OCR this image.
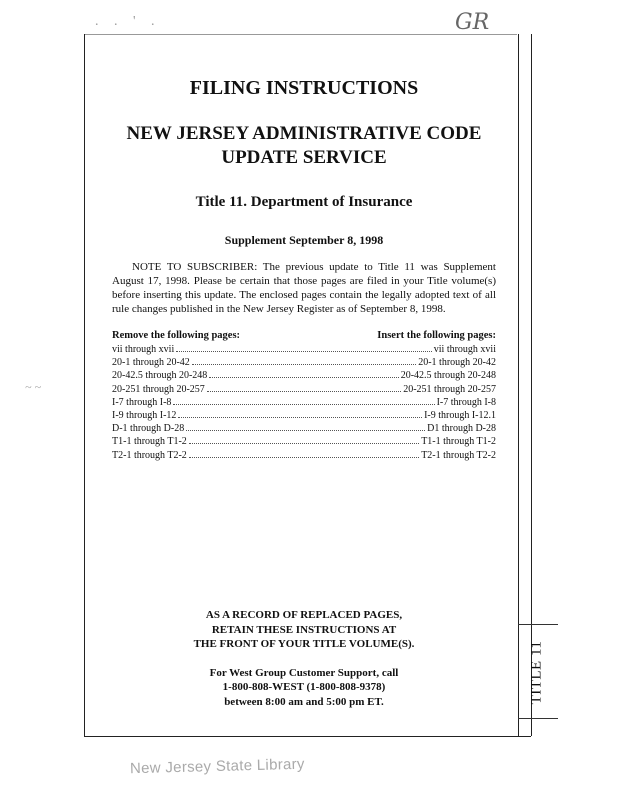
. . ' .	GR
~ ~

FILING INSTRUCTIONS

NEW JERSEY ADMINISTRATIVE CODE

UPDATE SERVICE

Title 11. Department of Insurance

Supplement September 8, 1998

NOTE TO SUBSCRIBER: The previous update to Title 11 was Supplement August 17, 1998. Please be certain that those pages are filed in your Title volume(s) before inserting this update. The enclosed pages contain the legally adopted text of all rule changes published in the New Jersey Register as of September 8, 1998.

Remove the following pages:	Insert the following pages:
vii through xvii	vii through xvii
20-1 through 20-42	20-1 through 20-42
20-42.5 through 20-248	20-42.5 through 20-248
20-251 through 20-257	20-251 through 20-257
I-7 through I-8	I-7 through I-8
I-9 through I-12	I-9 through I-12.1
D-1 through D-28	D1 through D-28
T1-1 through T1-2	T1-1 through T1-2
T2-1 through T2-2	T2-1 through T2-2

AS A RECORD OF REPLACED PAGES,

RETAIN THESE INSTRUCTIONS AT

THE FRONT OF YOUR TITLE VOLUME(S).

For West Group Customer Support, call

1-800-808-WEST (1-800-808-9378)

between 8:00 am and 5:00 pm ET.	TITLE 11
New Jersey State Library
